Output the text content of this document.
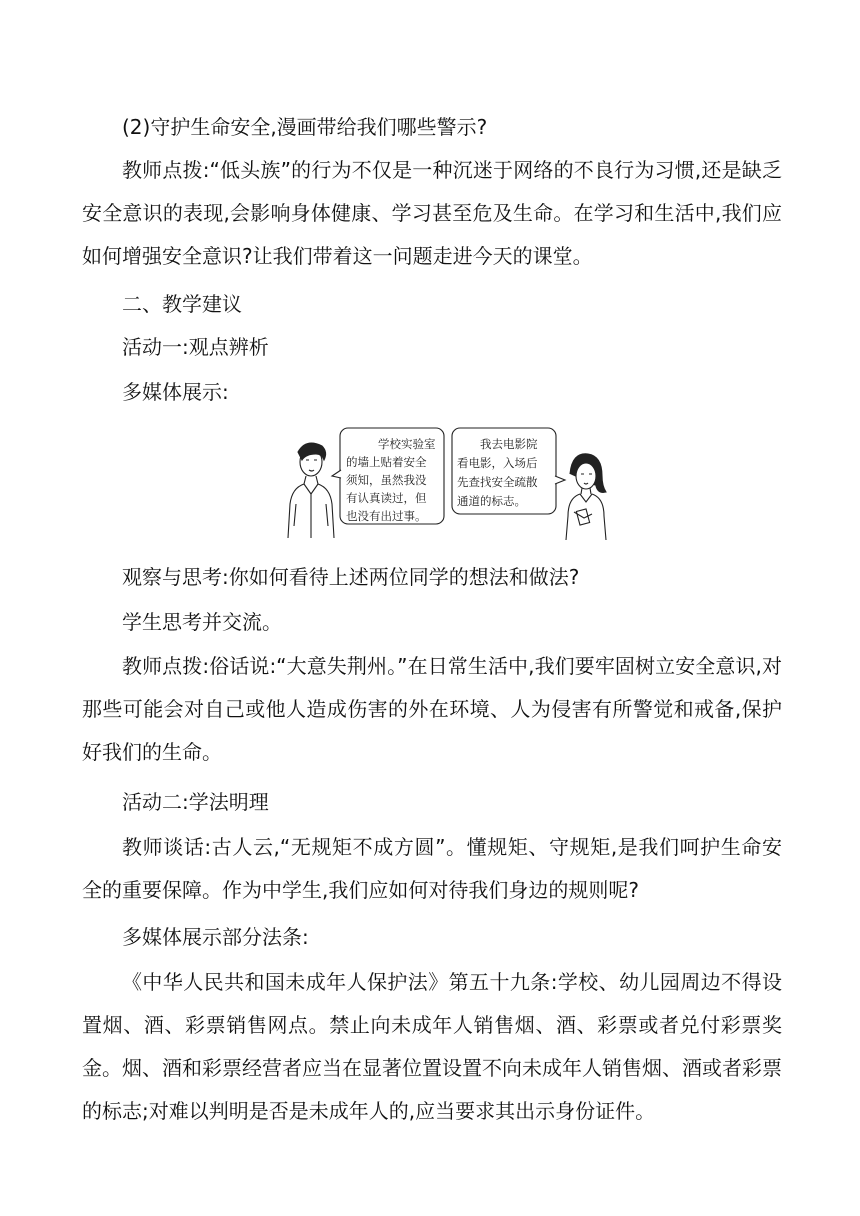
(2)守护生命安全,漫画带给我们哪些警示?

教师点拨:“低头族”的行为不仅是一种沉迷于网络的不良行为习惯,还是缺乏安全意识的表现,会影响身体健康、学习甚至危及生命。在学习和生活中,我们应如何增强安全意识?让我们带着这一问题走进今天的课堂。

二、教学建议

活动一:观点辨析

多媒体展示:

学校实验室
的墙上贴着安全
须知，虽然我没
有认真读过，但
也没有出过事。
我去电影院
看电影，入场后
先查找安全疏散
通道的标志。

观察与思考:你如何看待上述两位同学的想法和做法?

学生思考并交流。

教师点拨:俗话说:“大意失荆州。”在日常生活中,我们要牢固树立安全意识,对那些可能会对自己或他人造成伤害的外在环境、人为侵害有所警觉和戒备,保护好我们的生命。

活动二:学法明理

教师谈话:古人云,“无规矩不成方圆”。懂规矩、守规矩,是我们呵护生命安全的重要保障。作为中学生,我们应如何对待我们身边的规则呢?

多媒体展示部分法条:

《中华人民共和国未成年人保护法》第五十九条:学校、幼儿园周边不得设置烟、酒、彩票销售网点。禁止向未成年人销售烟、酒、彩票或者兑付彩票奖金。烟、酒和彩票经营者应当在显著位置设置不向未成年人销售烟、酒或者彩票的标志;对难以判明是否是未成年人的,应当要求其出示身份证件。
